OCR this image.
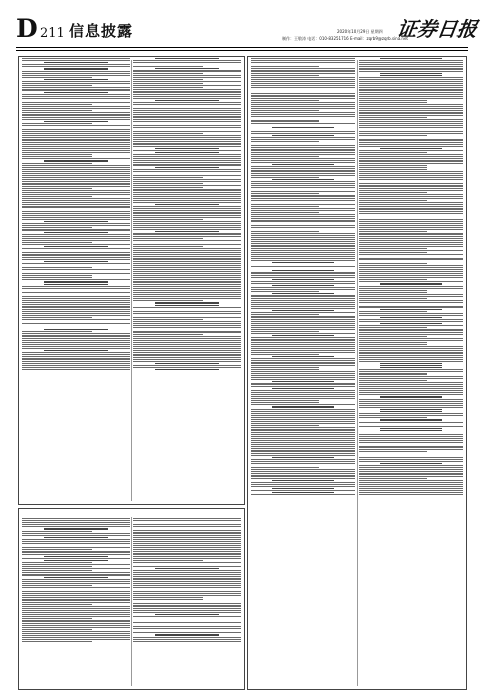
D 211 信息披露	2020年10月29日 星期四
制作：王敬涛 电话：010-83251716 E-mail：zqrb9@zqrb.sina.net
证券日报
